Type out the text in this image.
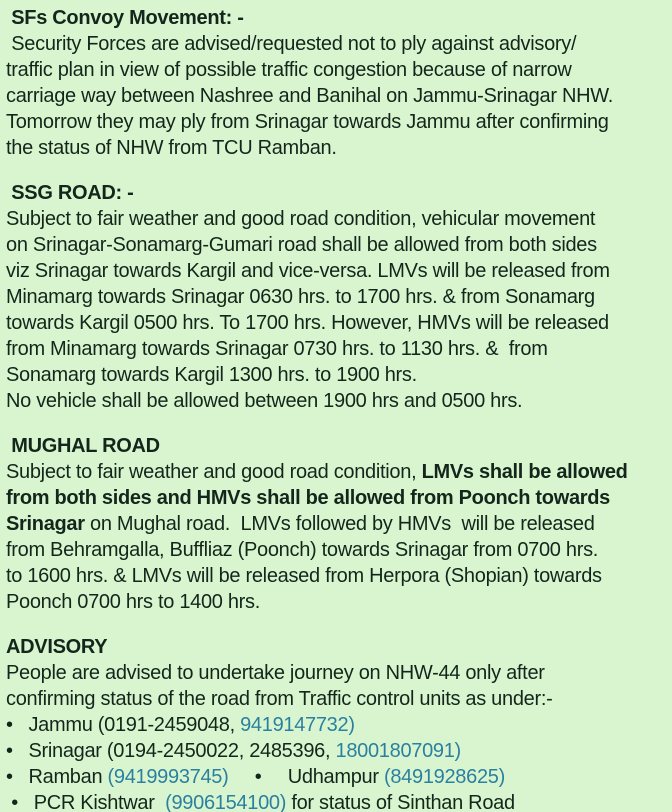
SFs Convoy Movement: -
Security Forces are advised/requested not to ply against advisory/
traffic plan in view of possible traffic congestion because of narrow
carriage way between Nashree and Banihal on Jammu-Srinagar NHW.
Tomorrow they may ply from Srinagar towards Jammu after confirming
the status of NHW from TCU Ramban.
SSG ROAD: -
Subject to fair weather and good road condition, vehicular movement
on Srinagar-Sonamarg-Gumari road shall be allowed from both sides
viz Srinagar towards Kargil and vice-versa. LMVs will be released from
Minamarg towards Srinagar 0630 hrs. to 1700 hrs. & from Sonamarg
towards Kargil 0500 hrs. To 1700 hrs. However, HMVs will be released
from Minamarg towards Srinagar 0730 hrs. to 1130 hrs. &  from
Sonamarg towards Kargil 1300 hrs. to 1900 hrs.
No vehicle shall be allowed between 1900 hrs and 0500 hrs.
MUGHAL ROAD
Subject to fair weather and good road condition, LMVs shall be allowed
from both sides and HMVs shall be allowed from Poonch towards
Srinagar on Mughal road.  LMVs followed by HMVs  will be released
from Behramgalla, Buffliaz (Poonch) towards Srinagar from 0700 hrs.
to 1600 hrs. & LMVs will be released from Herpora (Shopian) towards
Poonch 0700 hrs to 1400 hrs.
ADVISORY
People are advised to undertake journey on NHW-44 only after
confirming status of the road from Traffic control units as under:-
•   Jammu (0191-2459048, 9419147732)
•   Srinagar (0194-2450022, 2485396, 18001807091)
•   Ramban (9419993745)     •     Udhampur (8491928625)
•   PCR Kishtwar  (9906154100) for status of Sinthan Road
